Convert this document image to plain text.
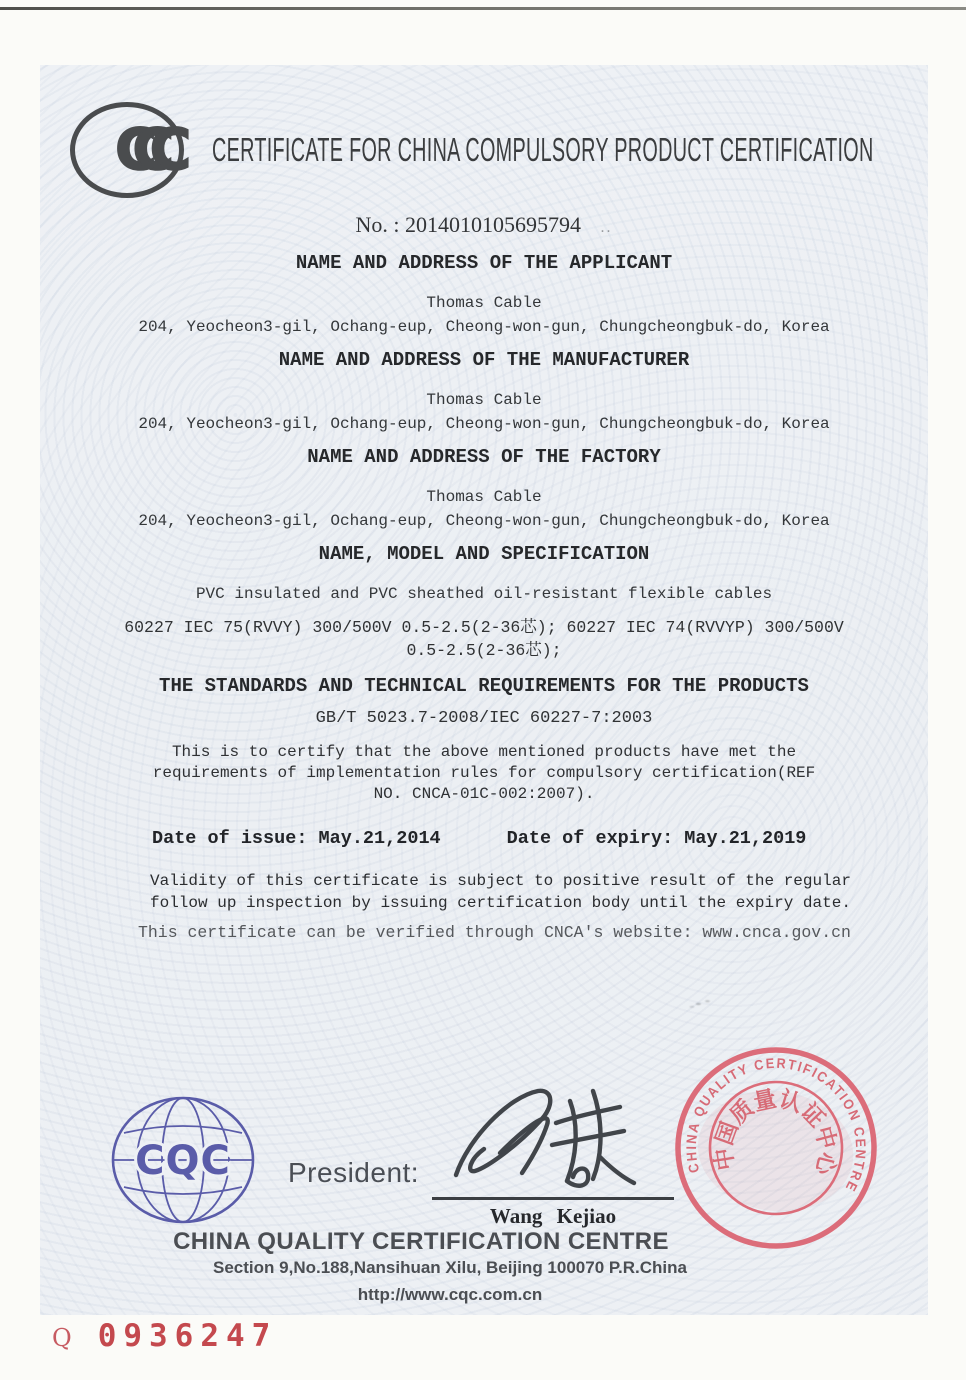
CCC CERTIFICATE FOR CHINA COMPULSORY PRODUCT CERTIFICATION
No. : 2014010105695794 ..
NAME AND ADDRESS OF THE APPLICANT
Thomas Cable
204, Yeocheon3-gil, Ochang-eup, Cheong-won-gun, Chungcheongbuk-do, Korea
NAME AND ADDRESS OF THE MANUFACTURER
Thomas Cable
204, Yeocheon3-gil, Ochang-eup, Cheong-won-gun, Chungcheongbuk-do, Korea
NAME AND ADDRESS OF THE FACTORY
Thomas Cable
204, Yeocheon3-gil, Ochang-eup, Cheong-won-gun, Chungcheongbuk-do, Korea
NAME, MODEL AND SPECIFICATION
PVC insulated and PVC sheathed oil-resistant flexible cables
60227 IEC 75(RVVY) 300/500V 0.5-2.5(2-36芯); 60227 IEC 74(RVVYP) 300/500V
0.5-2.5(2-36芯);
THE STANDARDS AND TECHNICAL REQUIREMENTS FOR THE PRODUCTS
GB/T 5023.7-2008/IEC 60227-7:2003
This is to certify that the above mentioned products have met the
requirements of implementation rules for compulsory certification(REF
NO. CNCA-01C-002:2007).
Date of issue: May.21,2014	Date of expiry: May.21,2019
Validity of this certificate is subject to positive result of the regular
follow up inspection by issuing certification body until the expiry date.
This certificate can be verified through CNCA's website: www.cnca.gov.cn
CQC President:
Wang Kejiao
CHINA QUALITY CERTIFICATION CENTRE
Section 9,No.188,Nansihuan Xilu, Beijing 100070 P.R.China
http://www.cqc.com.cn
CHINA QUALITY CERTIFICATION CENTRE
中国质量认证中心
Q 0936247
